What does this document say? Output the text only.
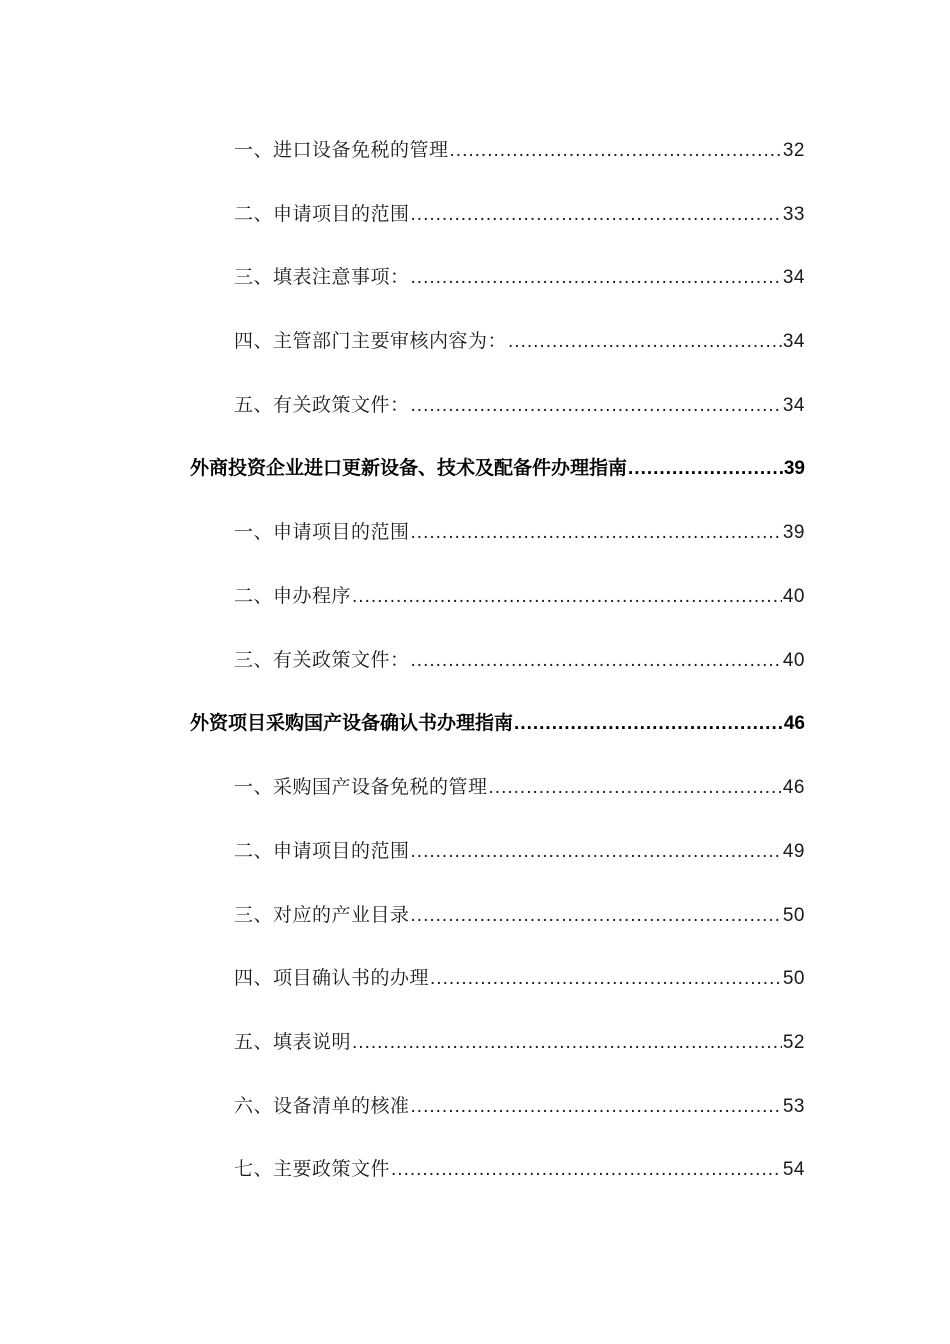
一、进口设备免税的管理 .....	32
二、申请项目的范围 .....	33
三、填表注意事项： .....	34
四、主管部门主要审核内容为： .....	34
五、有关政策文件： .....	34
外商投资企业进口更新设备、技术及配备件办理指南 .....	39
一、申请项目的范围 .....	39
二、申办程序 .....	40
三、有关政策文件： .....	40
外资项目采购国产设备确认书办理指南 .....	46
一、采购国产设备免税的管理 .....	46
二、申请项目的范围 .....	49
三、对应的产业目录 .....	50
四、项目确认书的办理 .....	50
五、填表说明 .....	52
六、设备清单的核准 .....	53
七、主要政策文件 .....	54
